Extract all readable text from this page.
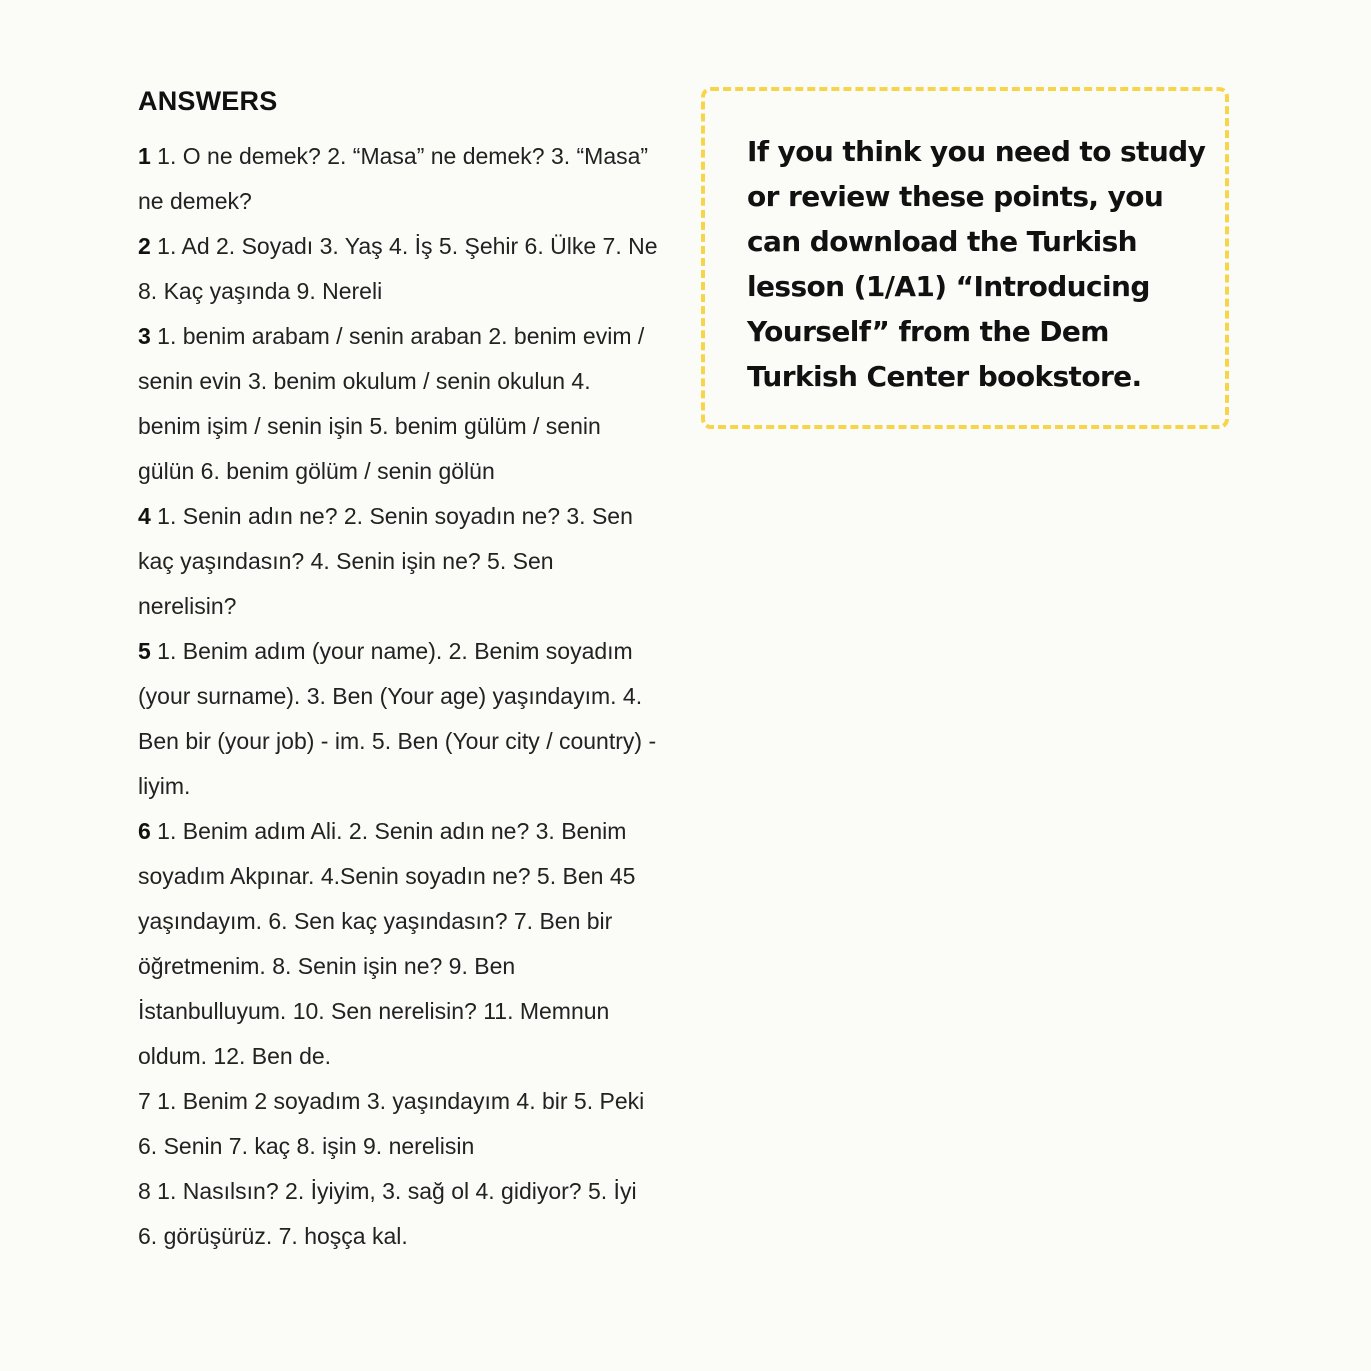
ANSWERS
1 1. O ne demek? 2. “Masa” ne demek? 3. “Masa” ne demek?
2 1. Ad 2. Soyadı 3. Yaş 4. İş 5. Şehir 6. Ülke 7. Ne 8. Kaç yaşında 9. Nereli
3 1. benim arabam / senin araban 2. benim evim / senin evin 3. benim okulum / senin okulun 4. benim işim / senin işin 5. benim gülüm / senin gülün 6. benim gölüm / senin gölün
4 1. Senin adın ne? 2. Senin soyadın ne? 3. Sen kaç yaşındasın? 4. Senin işin ne? 5. Sen nerelisin?
5 1. Benim adım (your name). 2. Benim soyadım (your surname). 3. Ben (Your age) yaşındayım. 4. Ben bir (your job) - im. 5. Ben (Your city / country) - liyim.
6 1. Benim adım Ali. 2. Senin adın ne? 3. Benim soyadım Akpınar. 4.Senin soyadın ne? 5. Ben 45 yaşındayım. 6. Sen kaç yaşındasın? 7. Ben bir öğretmenim. 8. Senin işin ne? 9. Ben İstanbulluyum. 10. Sen nerelisin? 11. Memnun oldum. 12. Ben de.
7 1. Benim 2 soyadım 3. yaşındayım 4. bir 5. Peki 6. Senin 7. kaç 8. işin 9. nerelisin
8 1. Nasılsın? 2. İyiyim, 3. sağ ol 4. gidiyor? 5. İyi 6. görüşürüz. 7. hoşça kal.
If you think you need to study or review these points, you can download the Turkish lesson (1/A1) “Introducing Yourself” from the Dem Turkish Center bookstore.
